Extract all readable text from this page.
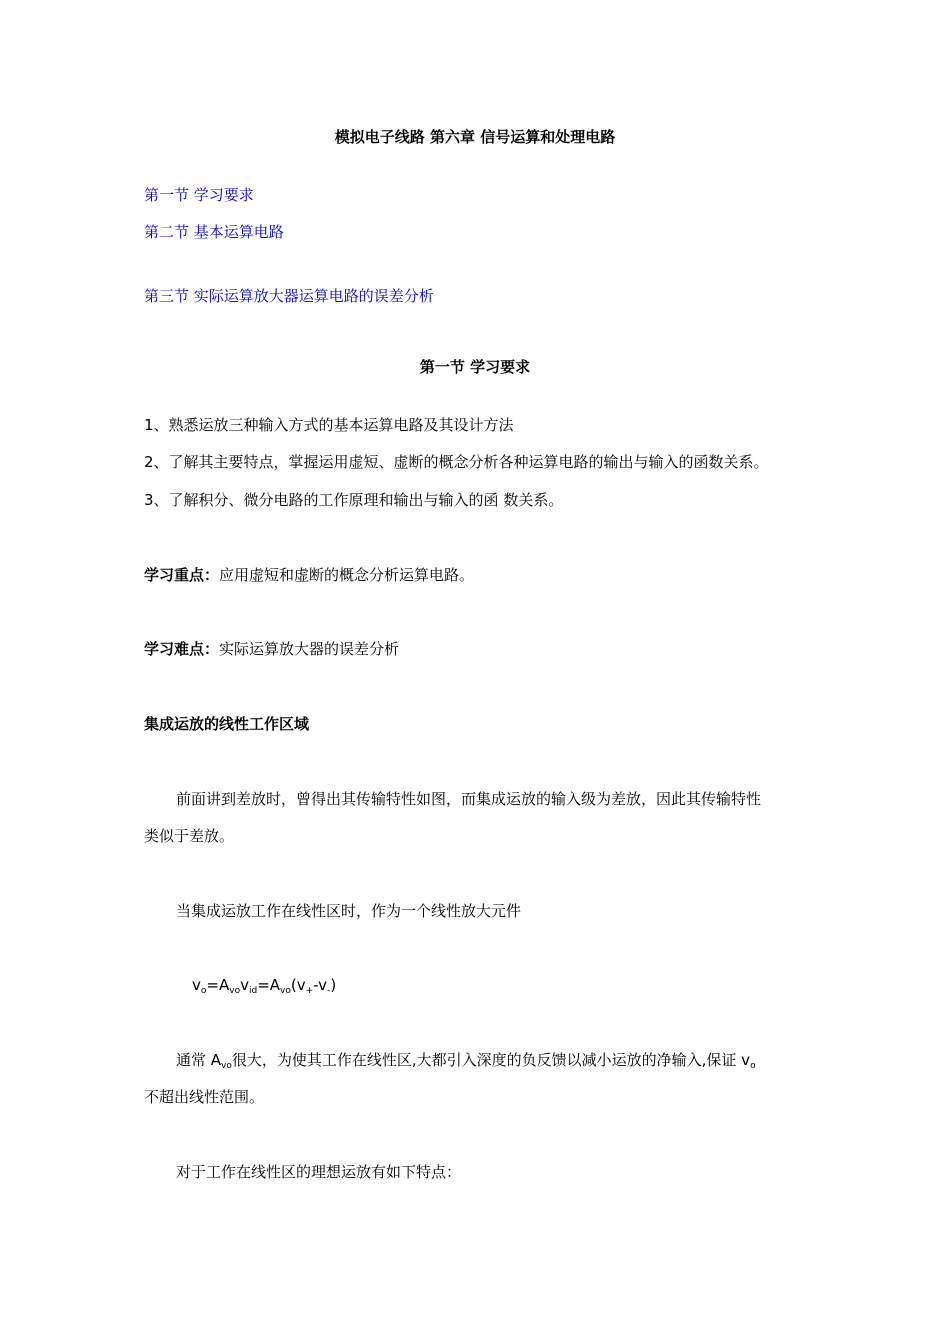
模拟电子线路 第六章 信号运算和处理电路
第一节 学习要求
第二节 基本运算电路
第三节 实际运算放大器运算电路的误差分析
第一节 学习要求
1、熟悉运放三种输入方式的基本运算电路及其设计方法
2、了解其主要特点，掌握运用虚短、虚断的概念分析各种运算电路的输出与输入的函数关系。
3、了解积分、微分电路的工作原理和输出与输入的函 数关系。
学习重点：应用虚短和虚断的概念分析运算电路。
学习难点：实际运算放大器的误差分析
集成运放的线性工作区域
前面讲到差放时，曾得出其传输特性如图，而集成运放的输入级为差放，因此其传输特性
类似于差放。
当集成运放工作在线性区时，作为一个线性放大元件
$v_o=A_{vo}v_{id}=A_{vo}(v_+-v_-)$
通常 $A_{vo}$很大，为使其工作在线性区,大都引入深度的负反馈以减小运放的净输入,保证 $v_o$
不超出线性范围。
对于工作在线性区的理想运放有如下特点：
